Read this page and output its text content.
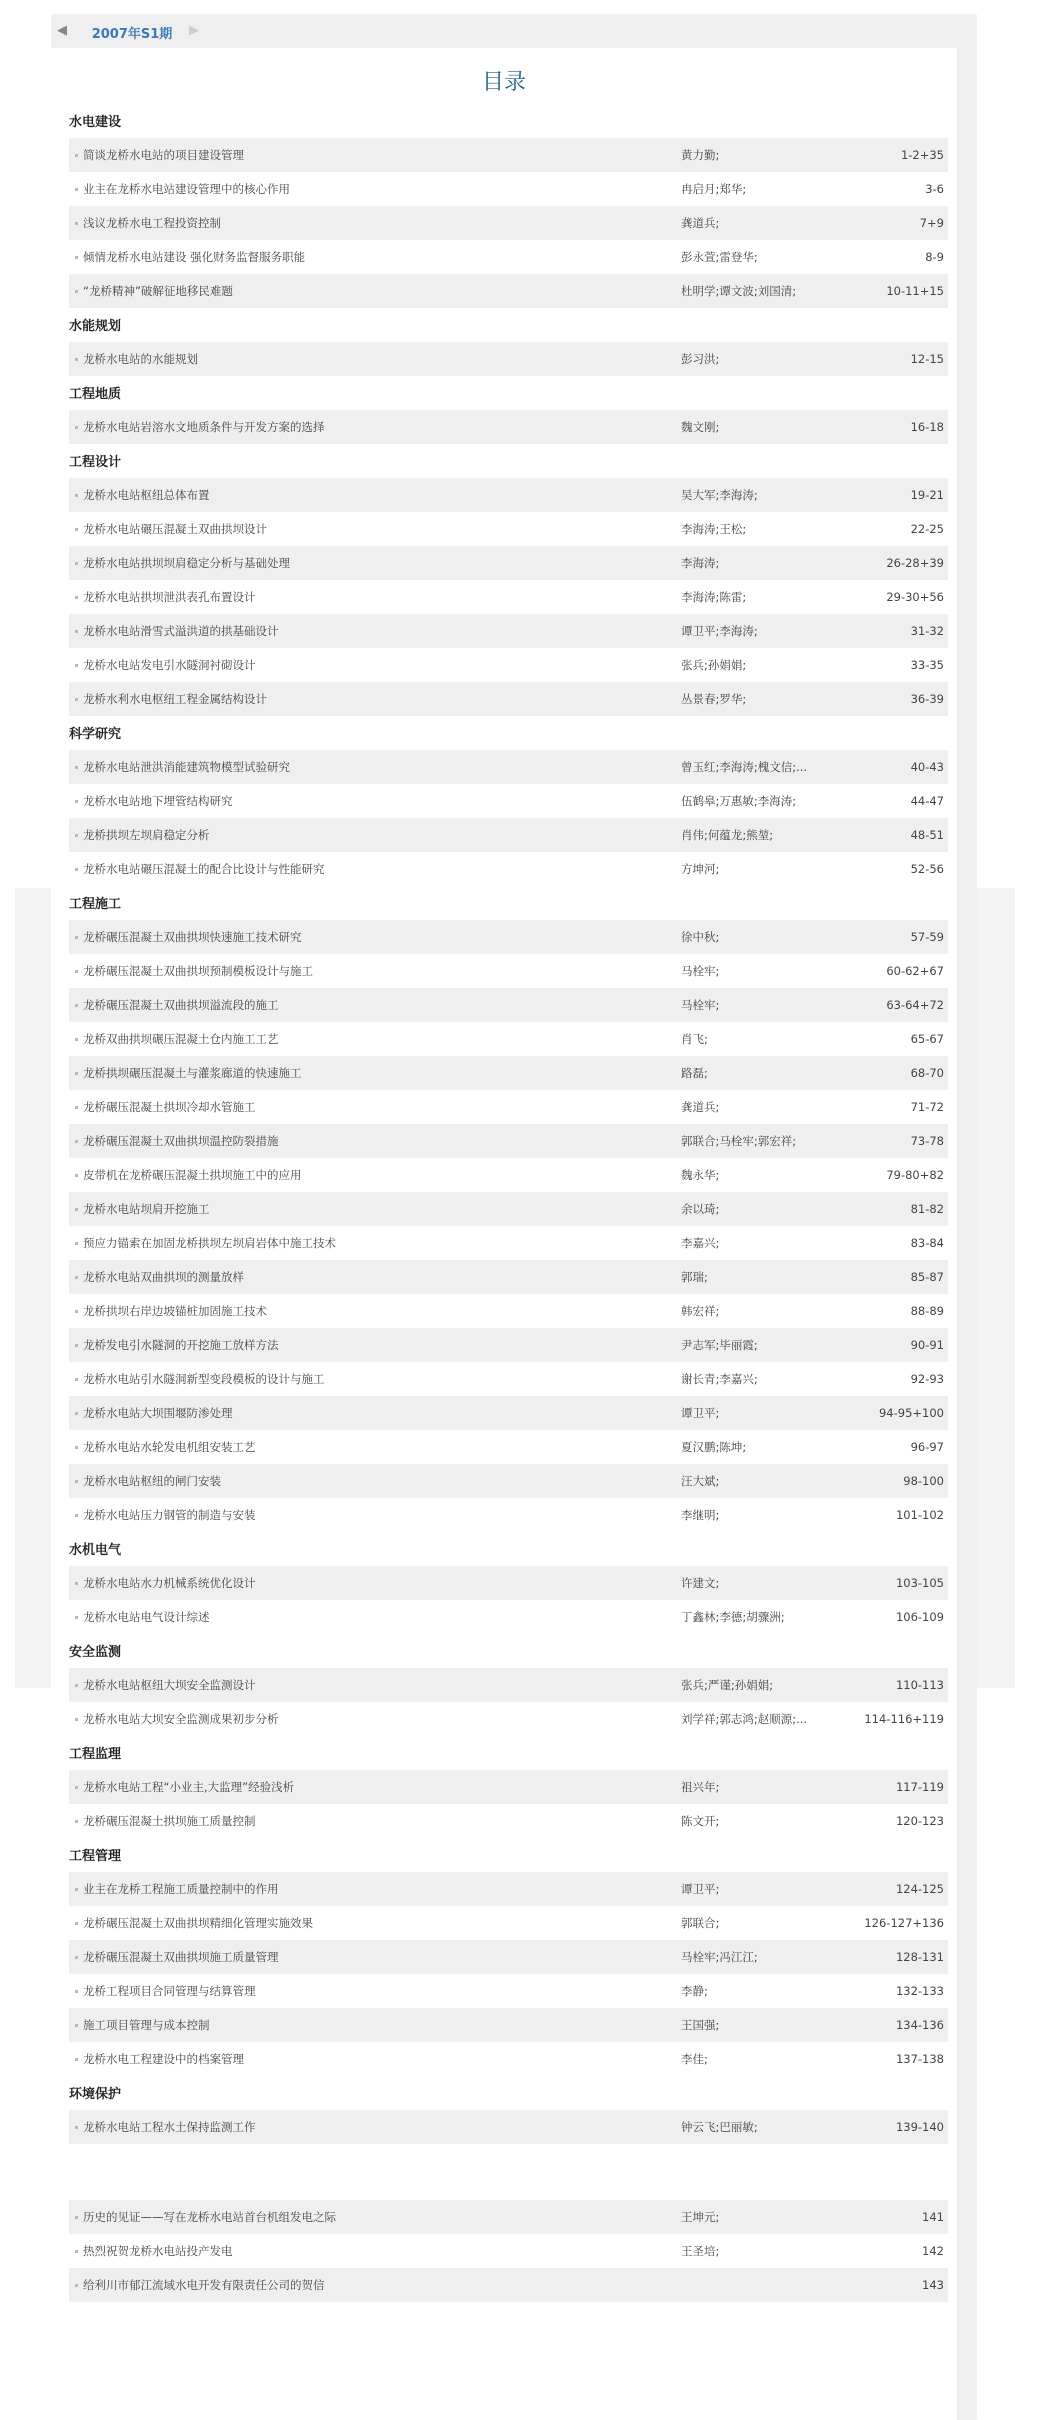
◀	2007年S1期	▶
目录
水电建设
简谈龙桥水电站的项目建设管理	黄力勤;	1-2+35
业主在龙桥水电站建设管理中的核心作用	冉启月;郑华;	3-6
浅议龙桥水电工程投资控制	龚道兵;	7+9
倾情龙桥水电站建设 强化财务监督服务职能	彭永萱;雷登华;	8-9
“龙桥精神”破解征地移民难题	杜明学;谭文波;刘国清;	10-11+15
水能规划
龙桥水电站的水能规划	彭习洪;	12-15
工程地质
龙桥水电站岩溶水文地质条件与开发方案的选择	魏文刚;	16-18
工程设计
龙桥水电站枢纽总体布置	吴大军;李海涛;	19-21
龙桥水电站碾压混凝土双曲拱坝设计	李海涛;王松;	22-25
龙桥水电站拱坝坝肩稳定分析与基础处理	李海涛;	26-28+39
龙桥水电站拱坝泄洪表孔布置设计	李海涛;陈雷;	29-30+56
龙桥水电站滑雪式溢洪道的拱基础设计	谭卫平;李海涛;	31-32
龙桥水电站发电引水隧洞衬砌设计	张兵;孙娟娟;	33-35
龙桥水利水电枢纽工程金属结构设计	丛景春;罗华;	36-39
科学研究
龙桥水电站泄洪消能建筑物模型试验研究	曾玉红;李海涛;槐文信;...	40-43
龙桥水电站地下埋管结构研究	伍鹤皋;万惠敏;李海涛;	44-47
龙桥拱坝左坝肩稳定分析	肖伟;何蕴龙;熊堃;	48-51
龙桥水电站碾压混凝土的配合比设计与性能研究	方坤河;	52-56
工程施工
龙桥碾压混凝土双曲拱坝快速施工技术研究	徐中秋;	57-59
龙桥碾压混凝土双曲拱坝预制模板设计与施工	马栓牢;	60-62+67
龙桥碾压混凝土双曲拱坝溢流段的施工	马栓牢;	63-64+72
龙桥双曲拱坝碾压混凝土仓内施工工艺	肖飞;	65-67
龙桥拱坝碾压混凝土与灌浆廊道的快速施工	路磊;	68-70
龙桥碾压混凝土拱坝冷却水管施工	龚道兵;	71-72
龙桥碾压混凝土双曲拱坝温控防裂措施	郭联合;马栓牢;郭宏祥;	73-78
皮带机在龙桥碾压混凝土拱坝施工中的应用	魏永华;	79-80+82
龙桥水电站坝肩开挖施工	余以琦;	81-82
预应力锚索在加固龙桥拱坝左坝肩岩体中施工技术	李嘉兴;	83-84
龙桥水电站双曲拱坝的测量放样	郭瑞;	85-87
龙桥拱坝右岸边坡锚桩加固施工技术	韩宏祥;	88-89
龙桥发电引水隧洞的开挖施工放样方法	尹志军;毕丽霞;	90-91
龙桥水电站引水隧洞新型变段模板的设计与施工	谢长青;李嘉兴;	92-93
龙桥水电站大坝围堰防渗处理	谭卫平;	94-95+100
龙桥水电站水轮发电机组安装工艺	夏汉鹏;陈坤;	96-97
龙桥水电站枢纽的闸门安装	汪大斌;	98-100
龙桥水电站压力钢管的制造与安装	李继明;	101-102
水机电气
龙桥水电站水力机械系统优化设计	许建文;	103-105
龙桥水电站电气设计综述	丁鑫林;李德;胡骤洲;	106-109
安全监测
龙桥水电站枢纽大坝安全监测设计	张兵;严谨;孙娟娟;	110-113
龙桥水电站大坝安全监测成果初步分析	刘学祥;郭志鸿;赵顺源;...	114-116+119
工程监理
龙桥水电站工程“小业主,大监理”经验浅析	祖兴年;	117-119
龙桥碾压混凝土拱坝施工质量控制	陈文开;	120-123
工程管理
业主在龙桥工程施工质量控制中的作用	谭卫平;	124-125
龙桥碾压混凝土双曲拱坝精细化管理实施效果	郭联合;	126-127+136
龙桥碾压混凝土双曲拱坝施工质量管理	马栓牢;冯江江;	128-131
龙桥工程项目合同管理与结算管理	李静;	132-133
施工项目管理与成本控制	王国强;	134-136
龙桥水电工程建设中的档案管理	李佳;	137-138
环境保护
龙桥水电站工程水土保持监测工作	钟云飞;巴丽敏;	139-140
历史的见证——写在龙桥水电站首台机组发电之际	王坤元;	141
热烈祝贺龙桥水电站投产发电	王圣培;	142
给利川市郁江流域水电开发有限责任公司的贺信	143
